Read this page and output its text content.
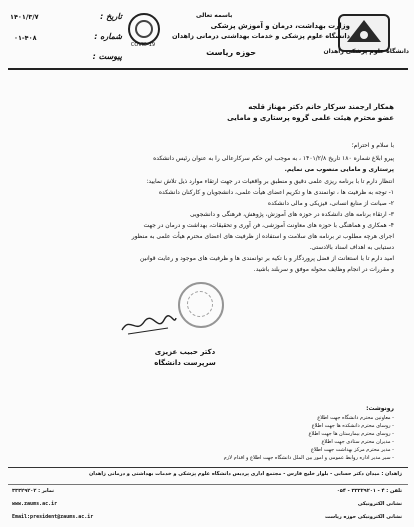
دانشگاه علوم پزشکی زاهدان
باسمه تعالی
وزارت بهداشت، درمان و آموزش پزشکی
دانشگاه علوم پزشکی و خدمات بهداشتی درمانی زاهدان
حوزه ریاست
COVID-19
تاریخ :
۱۴۰۱/۳/۷
شماره :
۰۱-۴۰۸
پیوست :
همکار ارجمند سرکار خانم دکتر مهناز قلجه
عضو محترم هیئت علمی گروه پرستاری و مامایی
با سلام و احترام؛
پیرو ابلاغ شماره ۱۸۰ تاریخ ۱۴۰۱/۲/۸ ، به موجب این حکم سرکارعالی را به عنوان رئیس دانشکده
پرستاری و مامایی منصوب می نمایم.
انتظار دارم تا با برنامه ریزی علمی دقیق و منطبق بر واقعیات در جهت ارتقاء موارد ذیل تلاش نمایید:
۱- توجه به ظرفیت ها ، توانمندی ها و تکریم اعضای هیأت علمی، دانشجویان و کارکنان دانشکده
۲- صیانت از منابع انسانی، فیزیکی و مالی دانشکده
۳- ارتقاء برنامه های دانشکده در حوزه های آموزش، پژوهش، فرهنگی و دانشجویی
۴- همکاری و هماهنگی با حوزه های معاونت آموزشی، فن آوری و تحقیقات، بهداشت و درمان در جهت
اجرای هرچه مطلوب تر برنامه های سلامت و استفاده از ظرفیت های اعضای محترم هیأت علمی به منظور
دستیابی به اهداف اسناد بالادستی.
امید دارم تا با استعانت از فضل پروردگار و با تکیه بر توانمندی ها و ظرفیت های موجود و رعایت قوانین
و مقررات در انجام وظایف محوله موفق و سربلند باشید.
دکتر حبیب عزیزی
سرپرست دانشگاه
رونوشت:
- معاونین محترم دانشگاه جهت اطلاع
- روسای محترم دانشکده ها جهت اطلاع
- روسای محترم بیمارستان ها جهت اطلاع
- مدیران محترم ستادی جهت اطلاع
- مدیر محترم مرکز بهداشت جهت اطلاع
- سیر مدیر اداره روابط عمومی و امور بین الملل دانشگاه جهت اطلاع و اقدام لازم
زاهدان : میدان دکتر حسابی - بلوار خلیج فارس - مجتمع اداری پردیس دانشگاه علوم پزشکی و خدمات بهداشتی و درمانی زاهدان
تلفن : ۴ - ۳۳۳۲۹۲۰۱ - ۰۵۴
نمابر : ۳۳۳۲۹۲۰۲
www.zaums.ac.ir	نشانی الکترونیکی
Email:president@zaums.ac.ir	نشانی الکترونیکی حوزه ریاست
